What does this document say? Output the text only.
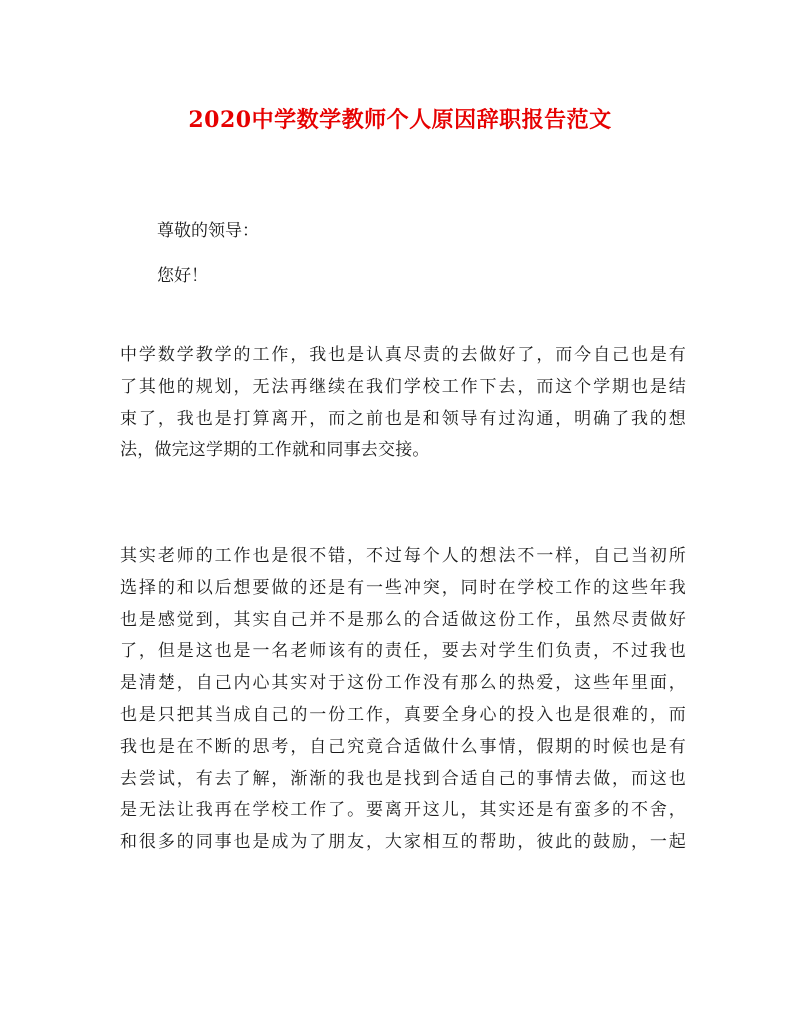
2020中学数学教师个人原因辞职报告范文
尊敬的领导：
您好！
中学数学教学的工作，我也是认真尽责的去做好了，而今自己也是有
了其他的规划，无法再继续在我们学校工作下去，而这个学期也是结
束了，我也是打算离开，而之前也是和领导有过沟通，明确了我的想
法，做完这学期的工作就和同事去交接。
其实老师的工作也是很不错，不过每个人的想法不一样，自己当初所
选择的和以后想要做的还是有一些冲突，同时在学校工作的这些年我
也是感觉到，其实自己并不是那么的合适做这份工作，虽然尽责做好
了，但是这也是一名老师该有的责任，要去对学生们负责，不过我也
是清楚，自己内心其实对于这份工作没有那么的热爱，这些年里面，
也是只把其当成自己的一份工作，真要全身心的投入也是很难的，而
我也是在不断的思考，自己究竟合适做什么事情，假期的时候也是有
去尝试，有去了解，渐渐的我也是找到合适自己的事情去做，而这也
是无法让我再在学校工作了。要离开这儿，其实还是有蛮多的不舍，
和很多的同事也是成为了朋友，大家相互的帮助，彼此的鼓励，一起
